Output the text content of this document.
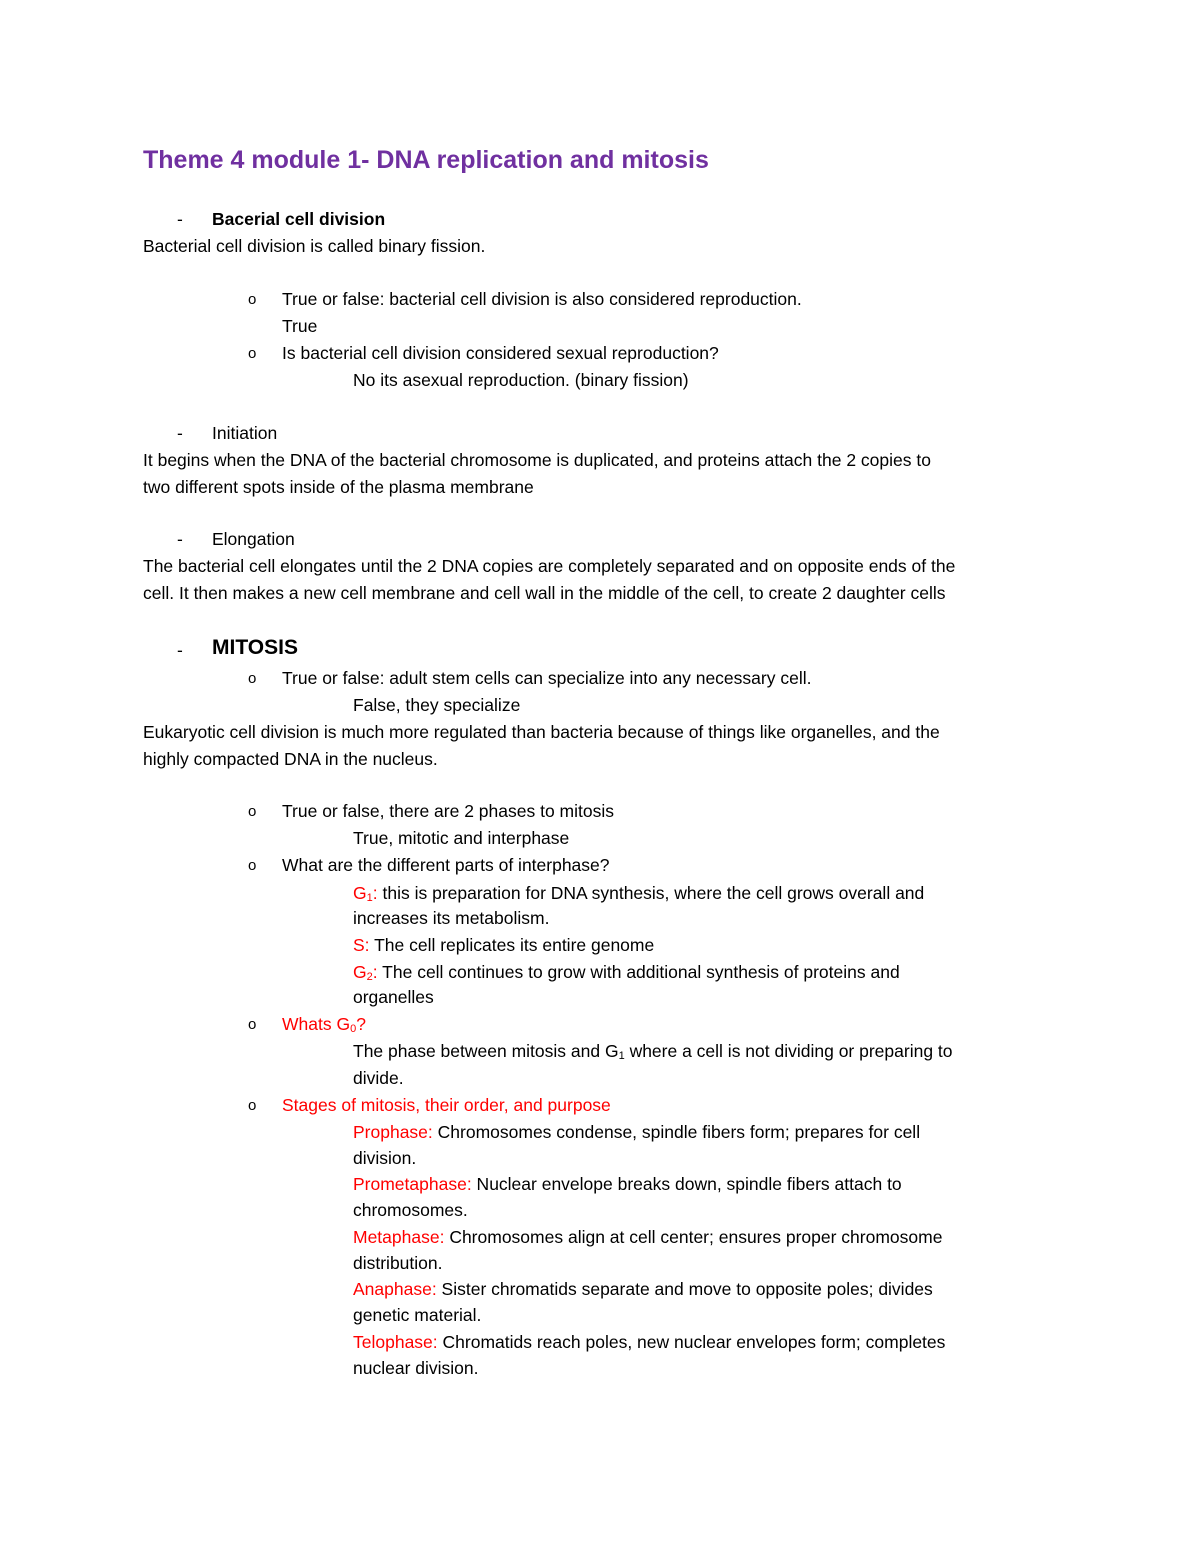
Theme 4 module 1- DNA replication and mitosis
- Bacerial cell division
Bacterial cell division is called binary fission.
o True or false: bacterial cell division is also considered reproduction.
True
o Is bacterial cell division considered sexual reproduction?
No its asexual reproduction. (binary fission)
- Initiation
It begins when the DNA of the bacterial chromosome is duplicated, and proteins attach the 2 copies to
two different spots inside of the plasma membrane
- Elongation
The bacterial cell elongates until the 2 DNA copies are completely separated and on opposite ends of the
cell. It then makes a new cell membrane and cell wall in the middle of the cell, to create 2 daughter cells
- MITOSIS
o True or false: adult stem cells can specialize into any necessary cell.
False, they specialize
Eukaryotic cell division is much more regulated than bacteria because of things like organelles, and the
highly compacted DNA in the nucleus.
o True or false, there are 2 phases to mitosis
True, mitotic and interphase
o What are the different parts of interphase?
$G_1$: this is preparation for DNA synthesis, where the cell grows overall and
increases its metabolism.
S: The cell replicates its entire genome
$G_2$: The cell continues to grow with additional synthesis of proteins and
organelles
o Whats $G_0$?
The phase between mitosis and $G_1$ where a cell is not dividing or preparing to
divide.
o Stages of mitosis, their order, and purpose
Prophase: Chromosomes condense, spindle fibers form; prepares for cell
division.
Prometaphase: Nuclear envelope breaks down, spindle fibers attach to
chromosomes.
Metaphase: Chromosomes align at cell center; ensures proper chromosome
distribution.
Anaphase: Sister chromatids separate and move to opposite poles; divides
genetic material.
Telophase: Chromatids reach poles, new nuclear envelopes form; completes
nuclear division.
